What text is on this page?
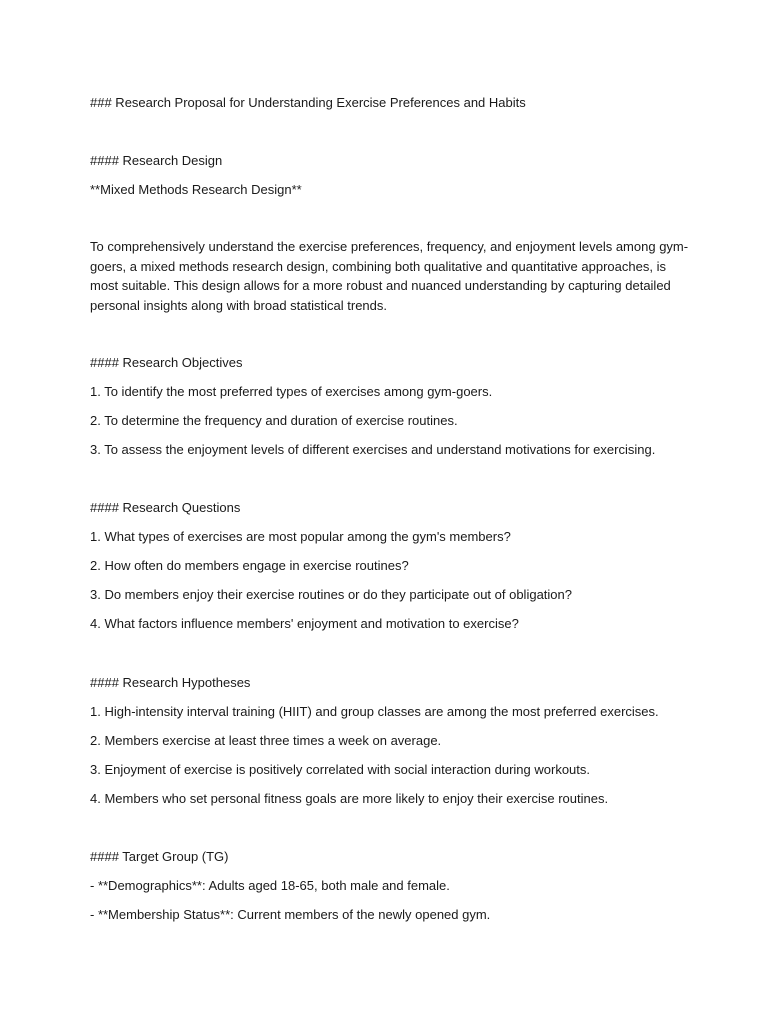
### Research Proposal for Understanding Exercise Preferences and Habits

#### Research Design

**Mixed Methods Research Design**

To comprehensively understand the exercise preferences, frequency, and enjoyment levels among gym-goers, a mixed methods research design, combining both qualitative and quantitative approaches, is most suitable. This design allows for a more robust and nuanced understanding by capturing detailed personal insights along with broad statistical trends.

#### Research Objectives

1. To identify the most preferred types of exercises among gym-goers.

2. To determine the frequency and duration of exercise routines.

3. To assess the enjoyment levels of different exercises and understand motivations for exercising.

#### Research Questions

1. What types of exercises are most popular among the gym's members?

2. How often do members engage in exercise routines?

3. Do members enjoy their exercise routines or do they participate out of obligation?

4. What factors influence members' enjoyment and motivation to exercise?

#### Research Hypotheses

1. High-intensity interval training (HIIT) and group classes are among the most preferred exercises.

2. Members exercise at least three times a week on average.

3. Enjoyment of exercise is positively correlated with social interaction during workouts.

4. Members who set personal fitness goals are more likely to enjoy their exercise routines.

#### Target Group (TG)

- **Demographics**: Adults aged 18-65, both male and female.

- **Membership Status**: Current members of the newly opened gym.
